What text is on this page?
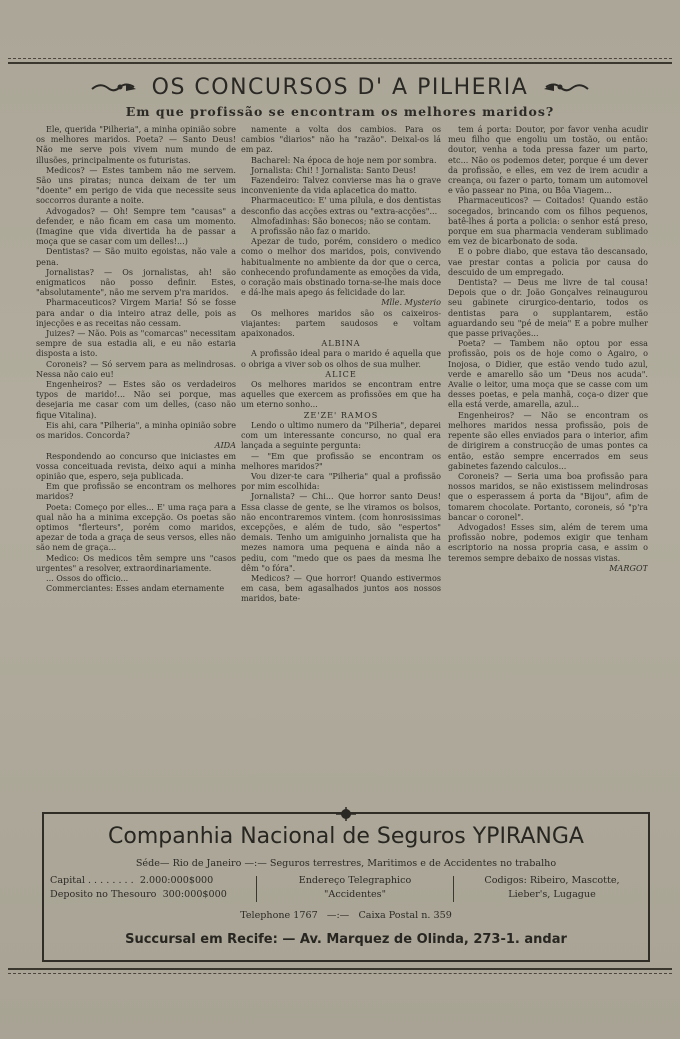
OS CONCURSOS D' A PILHERIA
Em que profissão se encontram os melhores maridos?

Ele, querida "Pilheria", a minha opinião sobre os melhores maridos. Poeta? — Santo Deus! Não me serve pois vivem num mundo de illusões, principalmente os futuristas.

Medicos? — Estes tambem não me servem. São uns piratas; nunca deixam de ter um "doente" em perigo de vida que necessite seus soccorros durante a noite.

Advogados? — Oh! Sempre tem "causas" a defender, e não ficam em casa um momento. (Imagine que vida divertida ha de passar a moça que se casar com um delles!...)

Dentistas? — São muito egoistas, não vale a pena.

Jornalistas? — Os jornalistas, ah! são enigmaticos não posso definir. Estes, "absolutamente", não me servem p'ra maridos.

Pharmaceuticos? Virgem Maria! Só se fosse para andar o dia inteiro atraz delle, pois as injecções e as receitas não cessam.

Juizes? — Não. Pois as "comarcas" necessitam sempre de sua estadia ali, e eu não estaria disposta a isto.

Coroneis? — Só servem para as melindrosas. Nessa não caio eu!

Engenheiros? — Estes são os verdadeiros typos de marido!... Não sei porque, mas desejaria me casar com um delles, (caso não fique Vitalina).

Eis ahi, cara "Pilheria", a minha opinião sobre os maridos. Concorda?

AIDA

Respondendo ao concurso que iniciastes em vossa conceituada revista, deixo aqui a minha opinião que, espero, seja publicada.

Em que profissão se encontram os melhores maridos?

Poeta: Começo por elles... E' uma raça para a qual não ha a minima excepção. Os poetas são optimos "flerteurs", porém como maridos, apezar de toda a graça de seus versos, elles não são nem de graça...

Medico: Os medicos têm sempre uns "casos urgentes" a resolver, extraordinariamente.

... Ossos do officio...

Commerciantes: Esses andam eternamente

namente a volta dos cambios. Para os cambios "diarios" não ha "razão". Deixal-os lá em paz.

Bacharel: Na época de hoje nem por sombra.

Jornalista: Chi! ! Jornalista: Santo Deus!

Fazendeiro: Talvez convierse mas ha o grave inconveniente da vida aplacetica do matto.

Pharmaceutico: E' uma pilula, e dos dentistas desconfio das acções extras ou "extra-acções"...

Almofadinhas: São bonecos; não se contam.

A profissão não faz o marido.

Apezar de tudo, porém, considero o medico como o melhor dos maridos, pois, convivendo habitualmente no ambiente da dor que o cerca, conhecendo profundamente as emoções da vida, o coração mais obstinado torna-se-lhe mais doce e dá-lhe mais apego ás felicidade do lar.

Mlle. Mysterio

Os melhores maridos são os caixeiros-viajantes: partem saudosos e voltam apaixonados.

ALBINA

A profissão ideal para o marido é aquella que o obriga a viver sob os olhos de sua mulher.

ALICE

Os melhores maridos se encontram entre aquelles que exercem as profissões em que ha um eterno sonho...

ZE'ZE' RAMOS

Lendo o ultimo numero da "Pilheria", deparei com um interessante concurso, no qual era lançada a seguinte pergunta:

— "Em que profissão se encontram os melhores maridos?"

Vou dizer-te cara "Pilheria" qual a profissão por mim escolhida:

Jornalista? — Chi... Que horror santo Deus! Essa classe de gente, se lhe viramos os bolsos, não encontraremos vintem. (com honrosissimas excepções, e além de tudo, são "espertos" demais. Tenho um amiguinho jornalista que ha mezes namora uma pequena e ainda não a pediu, com "medo que os paes da mesma lhe dêm "o fóra".

Medicos? — Que horror! Quando estivermos em casa, bem agasalhados juntos aos nossos maridos, bate-

tem á porta: Doutor, por favor venha acudir meu filho que engoliu um tostão, ou então: doutor, venha a toda pressa fazer um parto, etc... Não os podemos deter, porque é um dever da profissão, e elles, em vez de irem acudir a creança, ou fazer o parto, tomam um automovel e vão passear no Pina, ou Bôa Viagem...

Pharmaceuticos? — Coitados! Quando estão socegados, brincando com os filhos pequenos, batê-lhes á porta a policia: o senhor está preso, porque em sua pharmacia venderam sublimado em vez de bicarbonato de soda.

E o pobre diabo, que estava tão descansado, vae prestar contas a policia por causa do descuido de um empregado.

Dentista? — Deus me livre de tal cousa! Depois que o dr. João Gonçalves reinaugurou seu gabinete cirurgico-dentario, todos os dentistas para o supplantarem, estão aguardando seu "pé de meia" E a pobre mulher que passe privações...

Poeta? — Tambem não optou por essa profissão, pois os de hoje como o Agairo, o Inojosa, o Didier, que estão vendo tudo azul, verde e amarello são um "Deus nos acuda". Avalie o leitor, uma moça que se casse com um desses poetas, e pela manhã, coça-o dizer que ella está verde, amarella, azul...

Engenheiros? — Não se encontram os melhores maridos nessa profissão, pois de repente são elles enviados para o interior, afim de dirigirem a construcção de umas pontes ca então, estão sempre encerrados em seus gabinetes fazendo calculos...

Coroneis? — Seria uma boa profissão para nossos maridos, se não existissem melindrosas que o esperassem á porta da "Bijou", afim de tomarem chocolate. Portanto, coroneis, só "p'ra bancar o coronel".

Advogados! Esses sim, além de terem uma profissão nobre, podemos exigir que tenham escriptorio na nossa propria casa, e assim o teremos sempre debaixo de nossas vistas.

MARGOT

Companhia Nacional de Seguros YPIRANGA
Séde— Rio de Janeiro —:— Seguros terrestres, Maritimos e de Accidentes no trabalho
Capital . . . . . . . . 2.000:000$000
Deposito no Thesouro 300:000$000
Endereço Telegraphico
"Accidentes"
Codigos: Ribeiro, Mascotte,
Lieber's, Lugague
Telephone 1767 —:— Caixa Postal n. 359
Succursal em Recife: — Av. Marquez de Olinda, 273-1. andar
